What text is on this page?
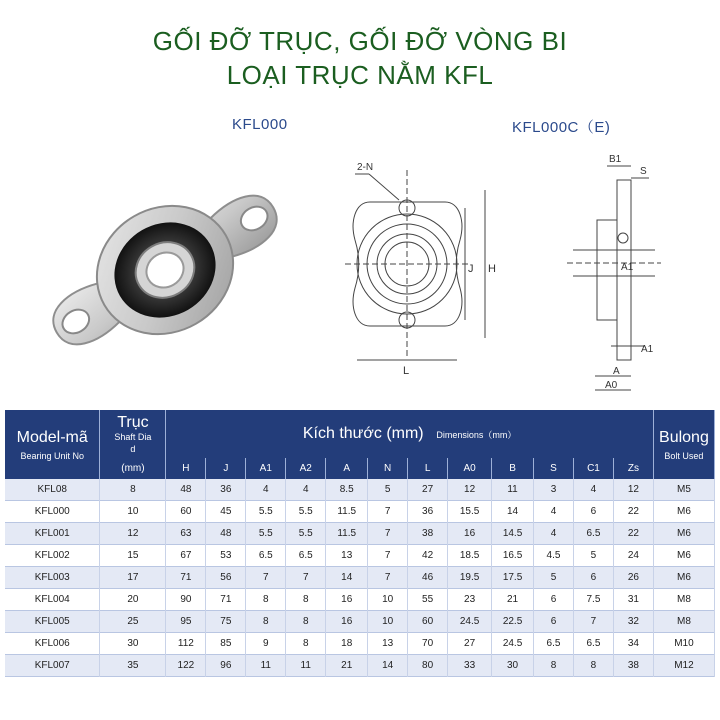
GỐI ĐỠ TRỤC, GỐI ĐỠ VÒNG BI
LOẠI TRỤC NẰM KFL
KFL000	KFL000C（E)
2-N
J H
L
B1
S
A1
A1
A
A0
Model-mã
Bearing Unit No	Trục
Shaft Dia
d	Kích thước (mm) Dimensions（mm）												Bulong
Bolt Used

	(mm)	H	J	A1	A2	A	N	L	A0	B	S	C1	Zs	
KFL08	8	48	36	4	4	8.5	5	27	12	11	3	4	12	M5
KFL000	10	60	45	5.5	5.5	11.5	7	36	15.5	14	4	6	22	M6
KFL001	12	63	48	5.5	5.5	11.5	7	38	16	14.5	4	6.5	22	M6
KFL002	15	67	53	6.5	6.5	13	7	42	18.5	16.5	4.5	5	24	M6
KFL003	17	71	56	7	7	14	7	46	19.5	17.5	5	6	26	M6
KFL004	20	90	71	8	8	16	10	55	23	21	6	7.5	31	M8
KFL005	25	95	75	8	8	16	10	60	24.5	22.5	6	7	32	M8
KFL006	30	112	85	9	8	18	13	70	27	24.5	6.5	6.5	34	M10
KFL007	35	122	96	11	11	21	14	80	33	30	8	8	38	M12
